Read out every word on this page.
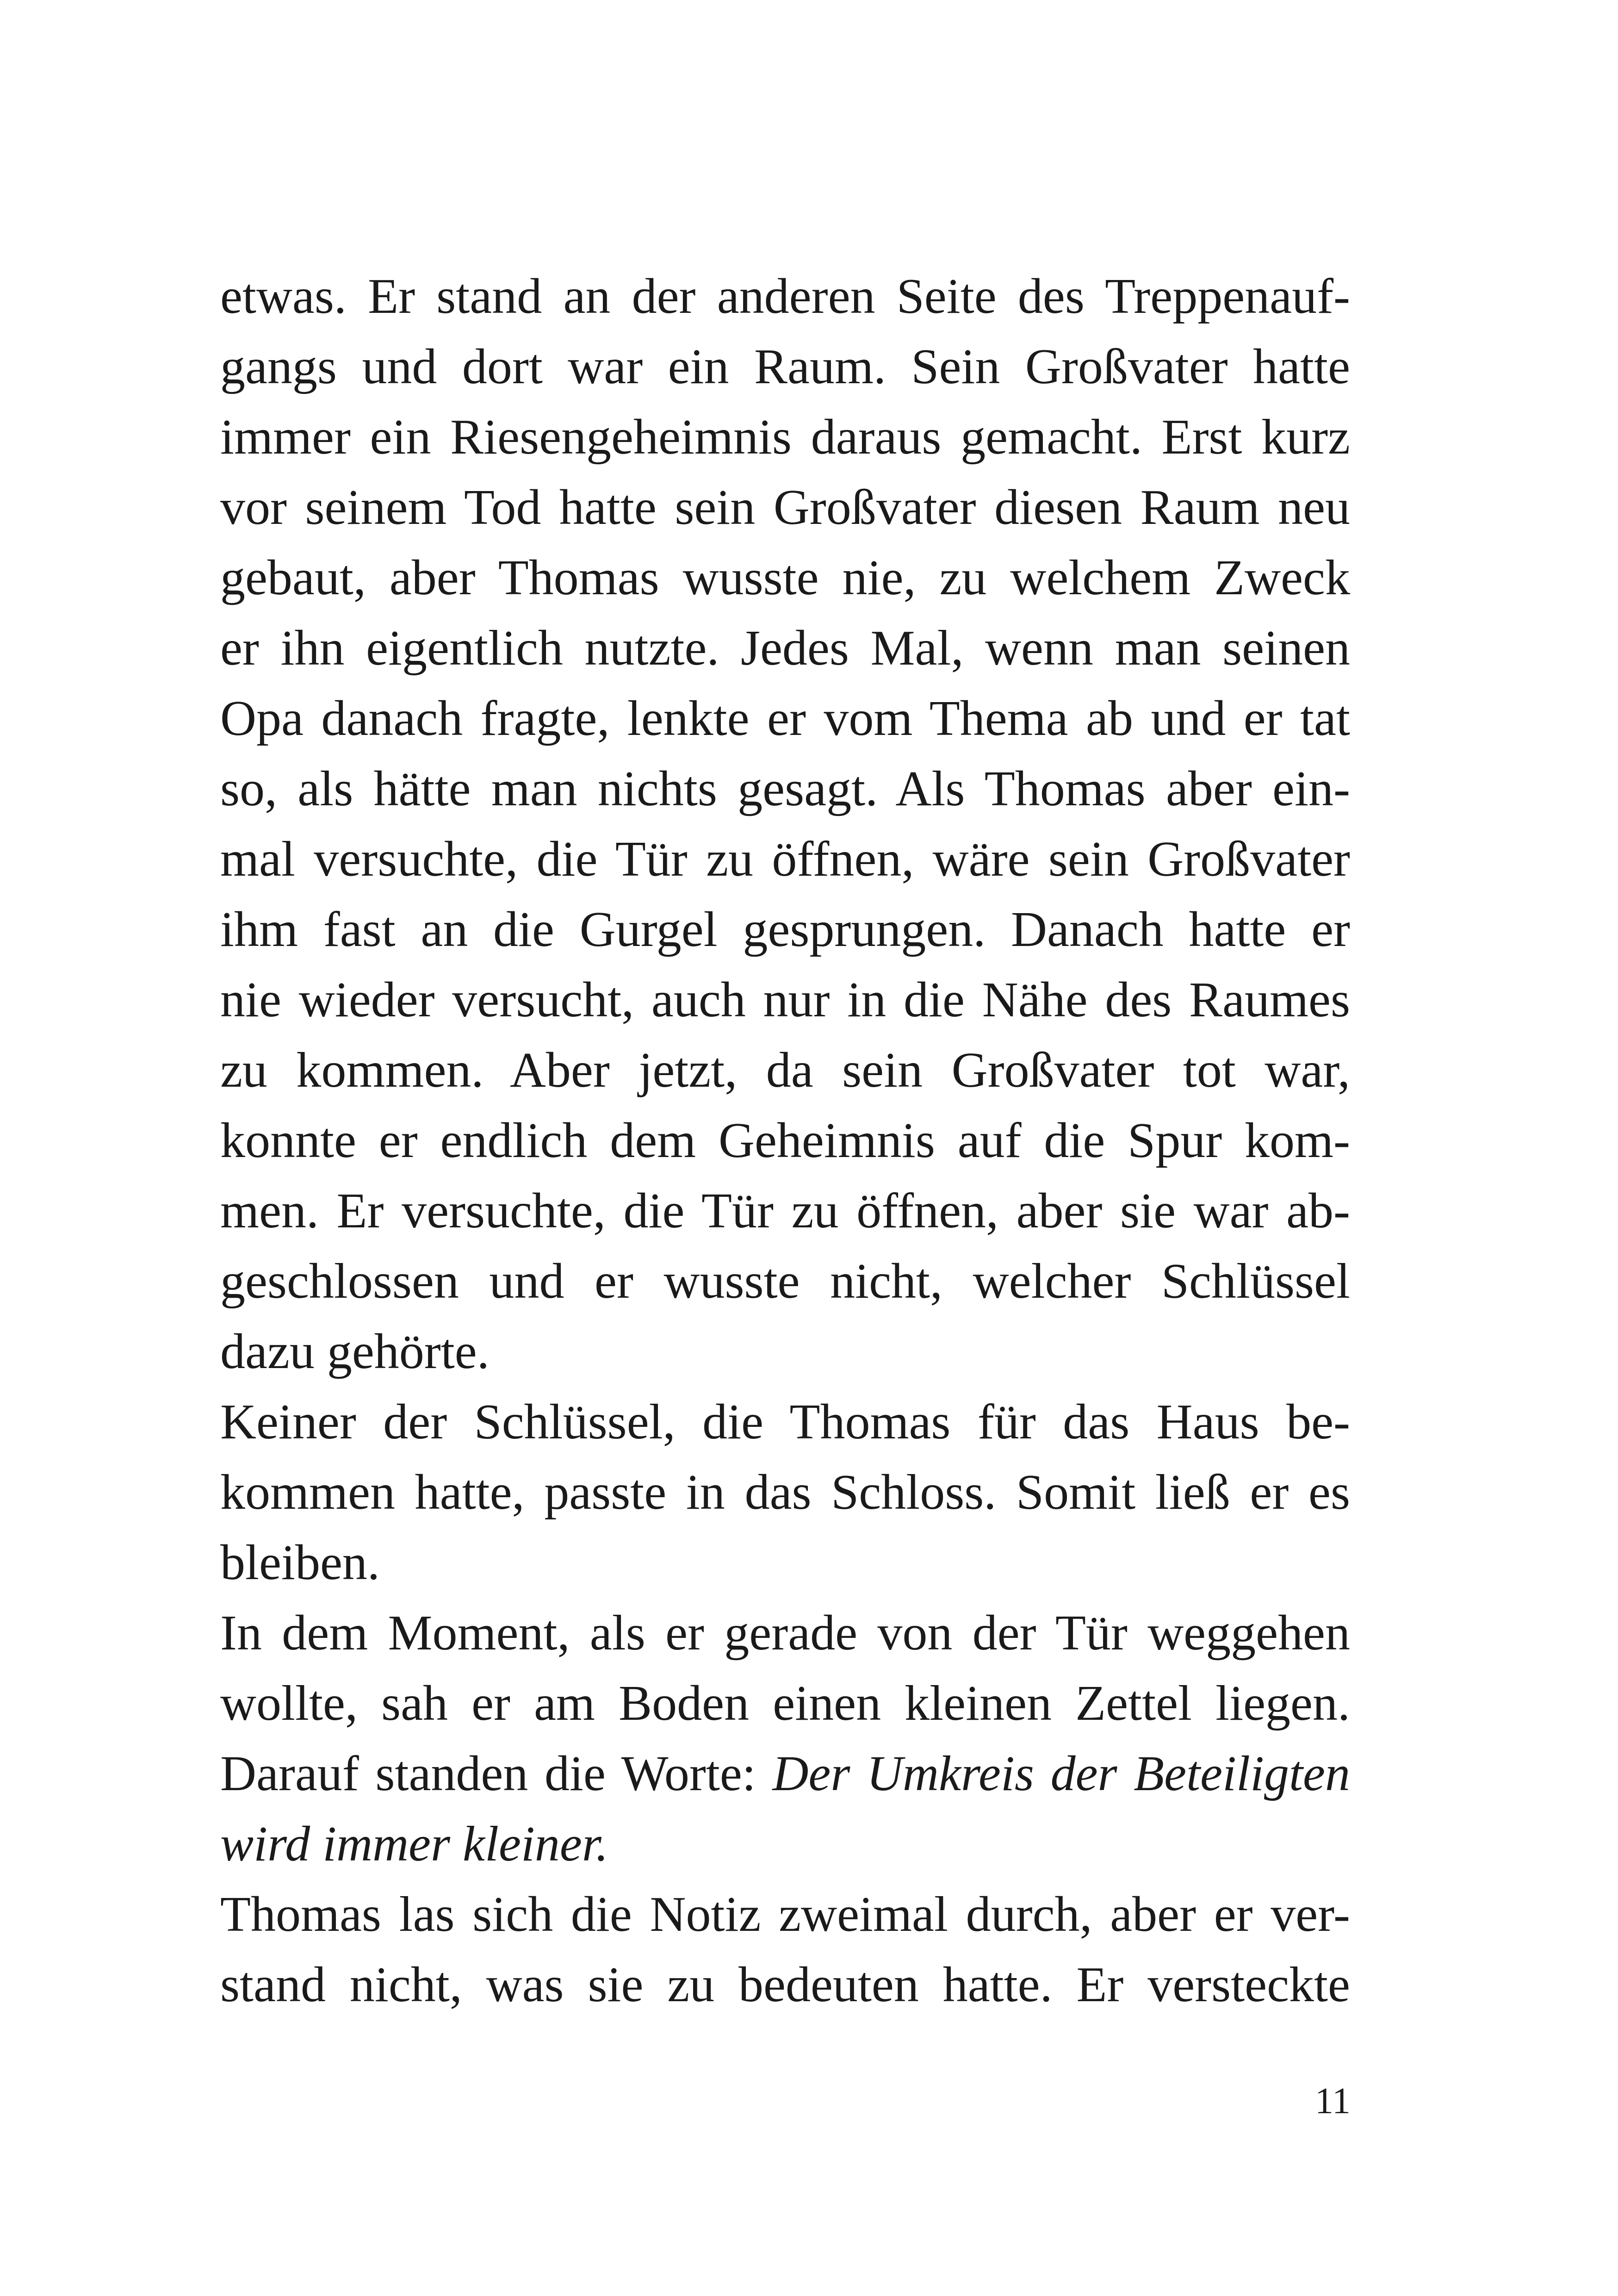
etwas. Er stand an der anderen Seite des Treppenauf-
gangs und dort war ein Raum. Sein Großvater hatte
immer ein Riesengeheimnis daraus gemacht. Erst kurz
vor seinem Tod hatte sein Großvater diesen Raum neu
gebaut, aber Thomas wusste nie, zu welchem Zweck
er ihn eigentlich nutzte. Jedes Mal, wenn man seinen
Opa danach fragte, lenkte er vom Thema ab und er tat
so, als hätte man nichts gesagt. Als Thomas aber ein-
mal versuchte, die Tür zu öffnen, wäre sein Großvater
ihm fast an die Gurgel gesprungen. Danach hatte er
nie wieder versucht, auch nur in die Nähe des Raumes
zu kommen. Aber jetzt, da sein Großvater tot war,
konnte er endlich dem Geheimnis auf die Spur kom-
men. Er versuchte, die Tür zu öffnen, aber sie war ab-
geschlossen und er wusste nicht, welcher Schlüssel
dazu gehörte.
Keiner der Schlüssel, die Thomas für das Haus be-
kommen hatte, passte in das Schloss. Somit ließ er es
bleiben.
In dem Moment, als er gerade von der Tür weggehen
wollte, sah er am Boden einen kleinen Zettel liegen.
Darauf standen die Worte: Der Umkreis der Beteiligten
wird immer kleiner.
Thomas las sich die Notiz zweimal durch, aber er ver-
stand nicht, was sie zu bedeuten hatte. Er versteckte
11
